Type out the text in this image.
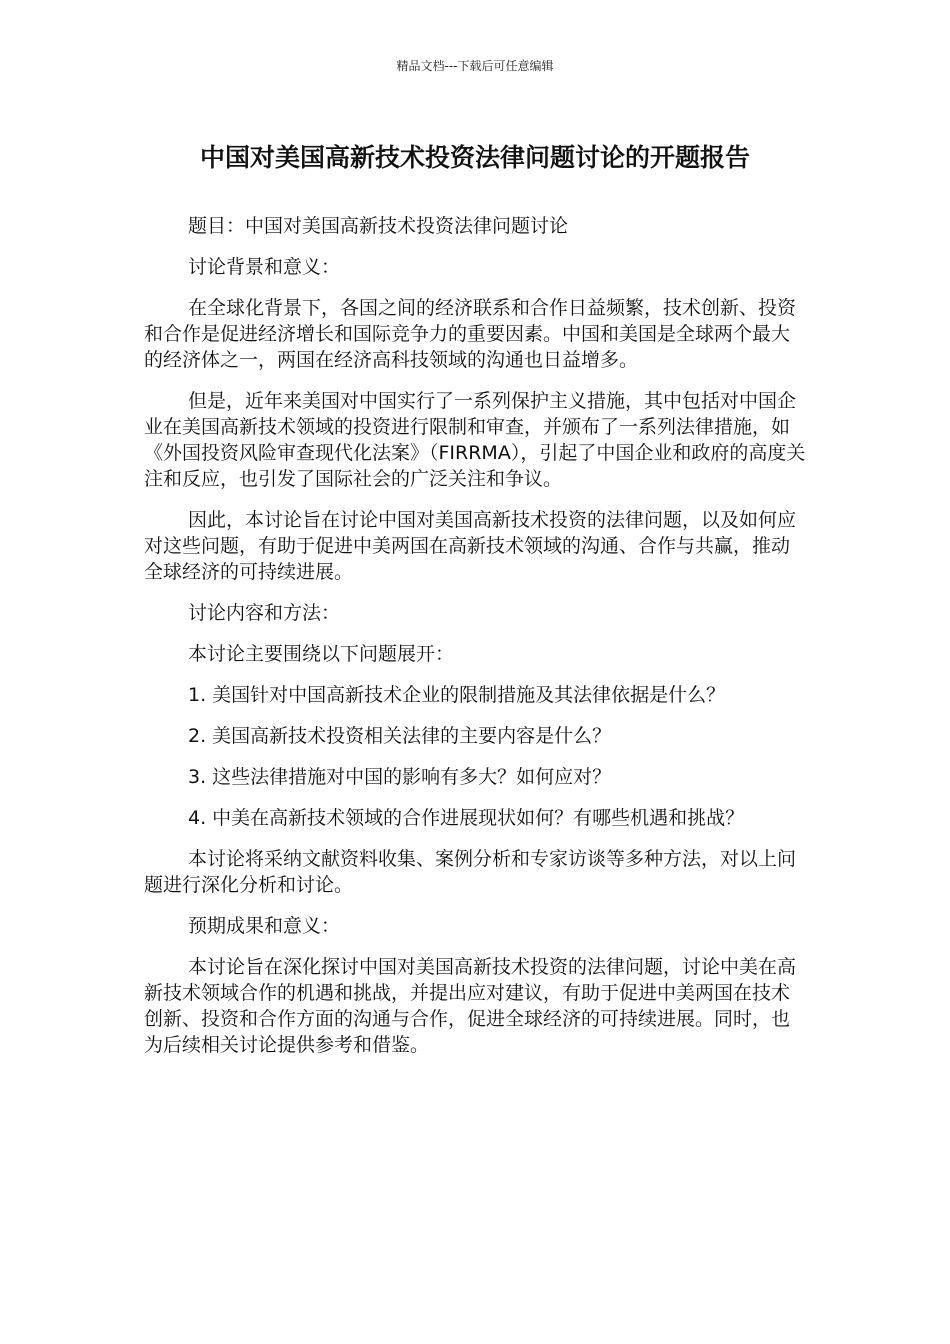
精品文档---下载后可任意编辑
中国对美国高新技术投资法律问题讨论的开题报告

题目：中国对美国高新技术投资法律问题讨论

讨论背景和意义：

在全球化背景下，各国之间的经济联系和合作日益频繁，技术创新、投资和合作是促进经济增长和国际竞争力的重要因素。中国和美国是全球两个最大的经济体之一，两国在经济高科技领域的沟通也日益增多。

但是，近年来美国对中国实行了一系列保护主义措施，其中包括对中国企业在美国高新技术领域的投资进行限制和审查，并颁布了一系列法律措施，如《外国投资风险审查现代化法案》（FIRRMA），引起了中国企业和政府的高度关注和反应，也引发了国际社会的广泛关注和争议。

因此，本讨论旨在讨论中国对美国高新技术投资的法律问题，以及如何应对这些问题，有助于促进中美两国在高新技术领域的沟通、合作与共赢，推动全球经济的可持续进展。

讨论内容和方法：

本讨论主要围绕以下问题展开：

1. 美国针对中国高新技术企业的限制措施及其法律依据是什么？

2. 美国高新技术投资相关法律的主要内容是什么？

3. 这些法律措施对中国的影响有多大？如何应对？

4. 中美在高新技术领域的合作进展现状如何？有哪些机遇和挑战？

本讨论将采纳文献资料收集、案例分析和专家访谈等多种方法，对以上问题进行深化分析和讨论。

预期成果和意义：

本讨论旨在深化探讨中国对美国高新技术投资的法律问题，讨论中美在高新技术领域合作的机遇和挑战，并提出应对建议，有助于促进中美两国在技术创新、投资和合作方面的沟通与合作，促进全球经济的可持续进展。同时，也为后续相关讨论提供参考和借鉴。
